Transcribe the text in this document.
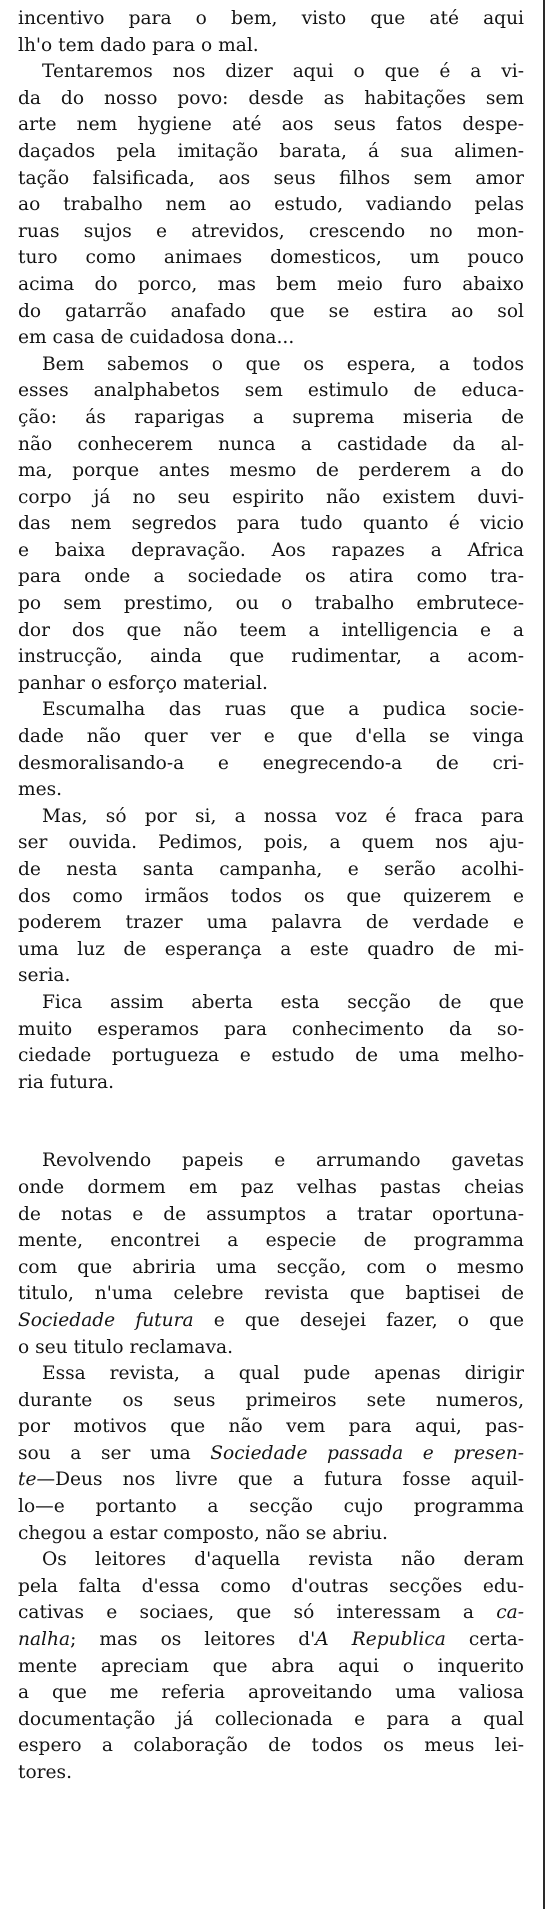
incentivo para o bem, visto que até aqui
lh'o tem dado para o mal.
Tentaremos nos dizer aqui o que é a vi-
da do nosso povo: desde as habitações sem
arte nem hygiene até aos seus fatos despe-
daçados pela imitação barata, á sua alimen-
tação falsificada, aos seus filhos sem amor
ao trabalho nem ao estudo, vadiando pelas
ruas sujos e atrevidos, crescendo no mon-
turo como animaes domesticos, um pouco
acima do porco, mas bem meio furo abaixo
do gatarrão anafado que se estira ao sol
em casa de cuidadosa dona...
Bem sabemos o que os espera, a todos
esses analphabetos sem estimulo de educa-
ção: ás raparigas a suprema miseria de
não conhecerem nunca a castidade da al-
ma, porque antes mesmo de perderem a do
corpo já no seu espirito não existem duvi-
das nem segredos para tudo quanto é vicio
e baixa depravação. Aos rapazes a Africa
para onde a sociedade os atira como tra-
po sem prestimo, ou o trabalho embrutece-
dor dos que não teem a intelligencia e a
instrucção, ainda que rudimentar, a acom-
panhar o esforço material.
Escumalha das ruas que a pudica socie-
dade não quer ver e que d'ella se vinga
desmoralisando-a e enegrecendo-a de cri-
mes.
Mas, só por si, a nossa voz é fraca para
ser ouvida. Pedimos, pois, a quem nos aju-
de nesta santa campanha, e serão acolhi-
dos como irmãos todos os que quizerem e
poderem trazer uma palavra de verdade e
uma luz de esperança a este quadro de mi-
seria.
Fica assim aberta esta secção de que
muito esperamos para conhecimento da so-
ciedade portugueza e estudo de uma melho-
ria futura.
Revolvendo papeis e arrumando gavetas
onde dormem em paz velhas pastas cheias
de notas e de assumptos a tratar oportuna-
mente, encontrei a especie de programma
com que abriria uma secção, com o mesmo
titulo, n'uma celebre revista que baptisei de
Sociedade futura e que desejei fazer, o que
o seu titulo reclamava.
Essa revista, a qual pude apenas dirigir
durante os seus primeiros sete numeros,
por motivos que não vem para aqui, pas-
sou a ser uma Sociedade passada e presen-
te—Deus nos livre que a futura fosse aquil-
lo—e portanto a secção cujo programma
chegou a estar composto, não se abriu.
Os leitores d'aquella revista não deram
pela falta d'essa como d'outras secções edu-
cativas e sociaes, que só interessam a ca-
nalha; mas os leitores d'A Republica certa-
mente apreciam que abra aqui o inquerito
a que me referia aproveitando uma valiosa
documentação já collecionada e para a qual
espero a colaboração de todos os meus lei-
tores.
